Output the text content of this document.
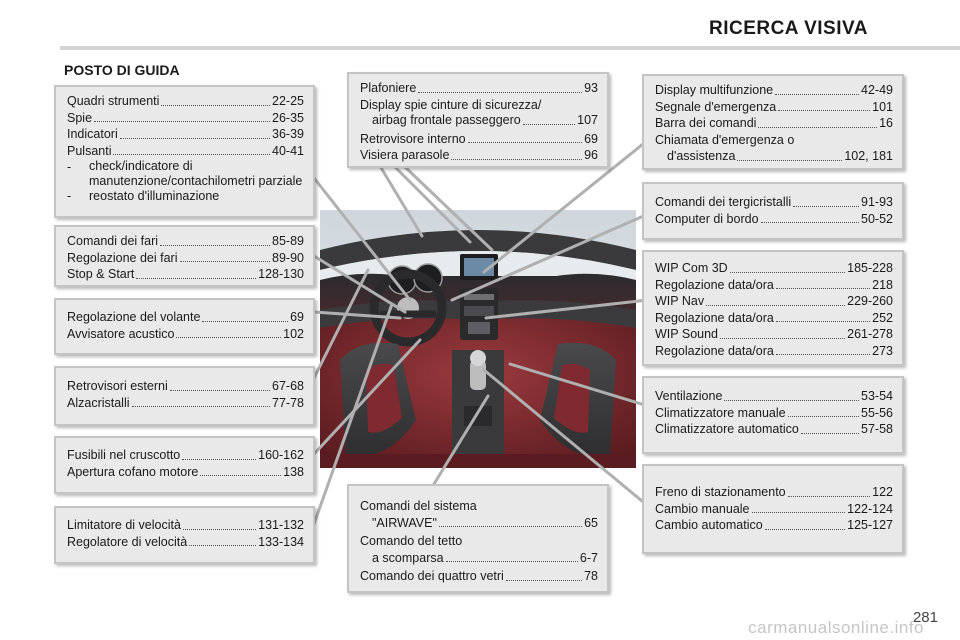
RICERCA VISIVA
POSTO DI GUIDA
Quadri strumenti	22-25
Spie	26-35
Indicatori	36-39
Pulsanti	40-41
-	check/indicatore di manutenzione/contachilometri parziale
-	reostato d'illuminazione
Comandi dei fari	85-89
Regolazione dei fari	89-90
Stop & Start	128-130
Regolazione del volante	69
Avvisatore acustico	102
Retrovisori esterni	67-68
Alzacristalli	77-78
Fusibili nel cruscotto	160-162
Apertura cofano motore	138
Limitatore di velocità	131-132
Regolatore di velocità	133-134
Plafoniere	93
Display spie cinture di sicurezza/
airbag frontale passeggero	107
Retrovisore interno	69
Visiera parasole	96
Comandi del sistema
"AIRWAVE"	65
Comando del tetto
a scomparsa	6-7
Comando dei quattro vetri	78
Display multifunzione	42-49
Segnale d'emergenza	101
Barra dei comandi	16
Chiamata d'emergenza o
d'assistenza	102, 181
Comandi dei tergicristalli	91-93
Computer di bordo	50-52
WIP Com 3D	185-228
Regolazione data/ora	218
WIP Nav	229-260
Regolazione data/ora	252
WIP Sound	261-278
Regolazione data/ora	273
Ventilazione	53-54
Climatizzatore manuale	55-56
Climatizzatore automatico	57-58
Freno di stazionamento	122
Cambio manuale	122-124
Cambio automatico	125-127
281
carmanualsonline.info
